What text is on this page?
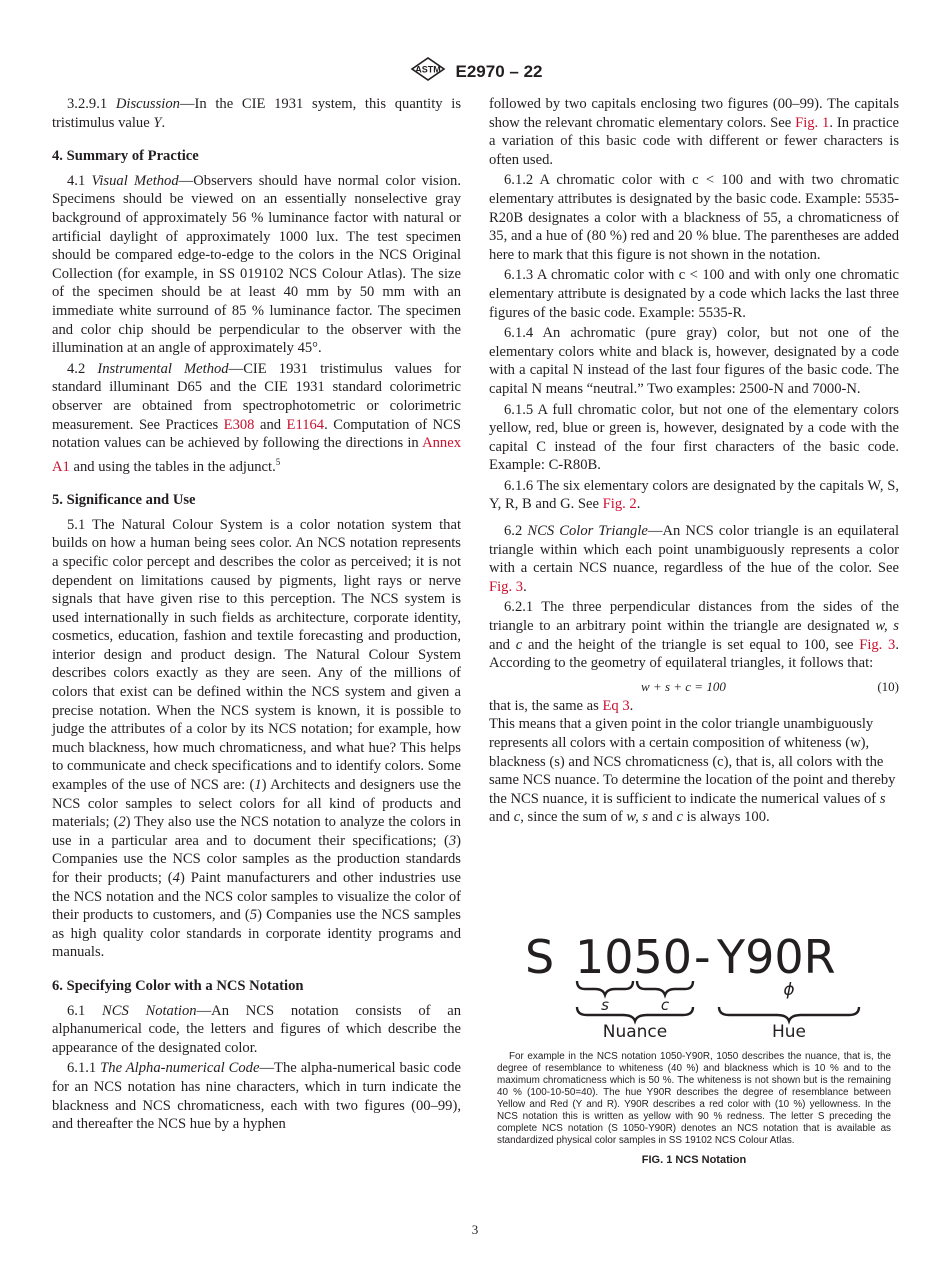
ASTM E2970 – 22

3.2.9.1 Discussion—In the CIE 1931 system, this quantity is tristimulus value Y.

4. Summary of Practice

4.1 Visual Method—Observers should have normal color vision. Specimens should be viewed on an essentially nonselective gray background of approximately 56 % luminance factor with natural or artificial daylight of approximately 1000 lux. The test specimen should be compared edge-to-edge to the colors in the NCS Original Collection (for example, in SS 019102 NCS Colour Atlas). The size of the specimen should be at least 40 mm by 50 mm with an immediate white surround of 85 % luminance factor. The specimen and color chip should be perpendicular to the observer with the illumination at an angle of approximately 45°.

4.2 Instrumental Method—CIE 1931 tristimulus values for standard illuminant D65 and the CIE 1931 standard colorimetric observer are obtained from spectrophotometric or colorimetric measurement. See Practices E308 and E1164. Computation of NCS notation values can be achieved by following the directions in Annex A1 and using the tables in the adjunct.$^5$

5. Significance and Use

5.1 The Natural Colour System is a color notation system that builds on how a human being sees color. An NCS notation represents a specific color percept and describes the color as perceived; it is not dependent on limitations caused by pigments, light rays or nerve signals that have given rise to this perception. The NCS system is used internationally in such fields as architecture, corporate identity, cosmetics, education, fashion and textile forecasting and production, interior design and product design. The Natural Colour System describes colors exactly as they are seen. Any of the millions of colors that exist can be defined within the NCS system and given a precise notation. When the NCS system is known, it is possible to judge the attributes of a color by its NCS notation; for example, how much blackness, how much chromaticness, and what hue? This helps to communicate and check specifications and to identify colors. Some examples of the use of NCS are: (1) Architects and designers use the NCS color samples to select colors for all kind of products and materials; (2) They also use the NCS notation to analyze the colors in use in a particular area and to document their specifications; (3) Companies use the NCS color samples as the production standards for their products; (4) Paint manufacturers and other industries use the NCS notation and the NCS color samples to visualize the color of their products to customers, and (5) Companies use the NCS samples as high quality color standards in corporate identity programs and manuals.

6. Specifying Color with a NCS Notation

6.1 NCS Notation—An NCS notation consists of an alphanumerical code, the letters and figures of which describe the appearance of the designated color.

6.1.1 The Alpha-numerical Code—The alpha-numerical basic code for an NCS notation has nine characters, which in turn indicate the blackness and NCS chromaticness, each with two figures (00–99), and thereafter the NCS hue by a hyphen

followed by two capitals enclosing two figures (00–99). The capitals show the relevant chromatic elementary colors. See Fig. 1. In practice a variation of this basic code with different or fewer characters is often used.

6.1.2 A chromatic color with c < 100 and with two chromatic elementary attributes is designated by the basic code. Example: 5535-R20B designates a color with a blackness of 55, a chromaticness of 35, and a hue of (80 %) red and 20 % blue. The parentheses are added here to mark that this figure is not shown in the notation.

6.1.3 A chromatic color with c < 100 and with only one chromatic elementary attribute is designated by a code which lacks the last three figures of the basic code. Example: 5535-R.

6.1.4 An achromatic (pure gray) color, but not one of the elementary colors white and black is, however, designated by a code with a capital N instead of the last four figures of the basic code. The capital N means “neutral.” Two examples: 2500-N and 7000-N.

6.1.5 A full chromatic color, but not one of the elementary colors yellow, red, blue or green is, however, designated by a code with the capital C instead of the four first characters of the basic code. Example: C-R80B.

6.1.6 The six elementary colors are designated by the capitals W, S, Y, R, B and G. See Fig. 2.

6.2 NCS Color Triangle—An NCS color triangle is an equilateral triangle within which each point unambiguously represents a color with a certain NCS nuance, regardless of the hue of the color. See Fig. 3.

6.2.1 The three perpendicular distances from the sides of the triangle to an arbitrary point within the triangle are designated w, s and c and the height of the triangle is set equal to 100, see Fig. 3. According to the geometry of equilateral triangles, it follows that:

w + s + c = 100	(10)

that is, the same as Eq 3.

This means that a given point in the color triangle unambiguously represents all colors with a certain composition of whiteness (w), blackness (s) and NCS chromaticness (c), that is, all colors with the same NCS nuance. To determine the location of the point and thereby the NCS nuance, it is sufficient to indicate the numerical values of s and c, since the sum of w, s and c is always 100.

S 1050 - Y90R
s	c
ϕ
Nuance	Hue
For example in the NCS notation 1050-Y90R, 1050 describes the nuance, that is, the degree of resemblance to whiteness (40 %) and blackness which is 10 % and to the maximum chromaticness which is 50 %. The whiteness is not shown but is the remaining 40 % (100-10-50=40). The hue Y90R describes the degree of resemblance between Yellow and Red (Y and R). Y90R describes a red color with (10 %) yellowness. In the NCS notation this is written as yellow with 90 % redness. The letter S preceding the complete NCS notation (S 1050-Y90R) denotes an NCS notation that is available as standardized physical color samples in SS 19102 NCS Colour Atlas.
FIG. 1 NCS Notation
3
